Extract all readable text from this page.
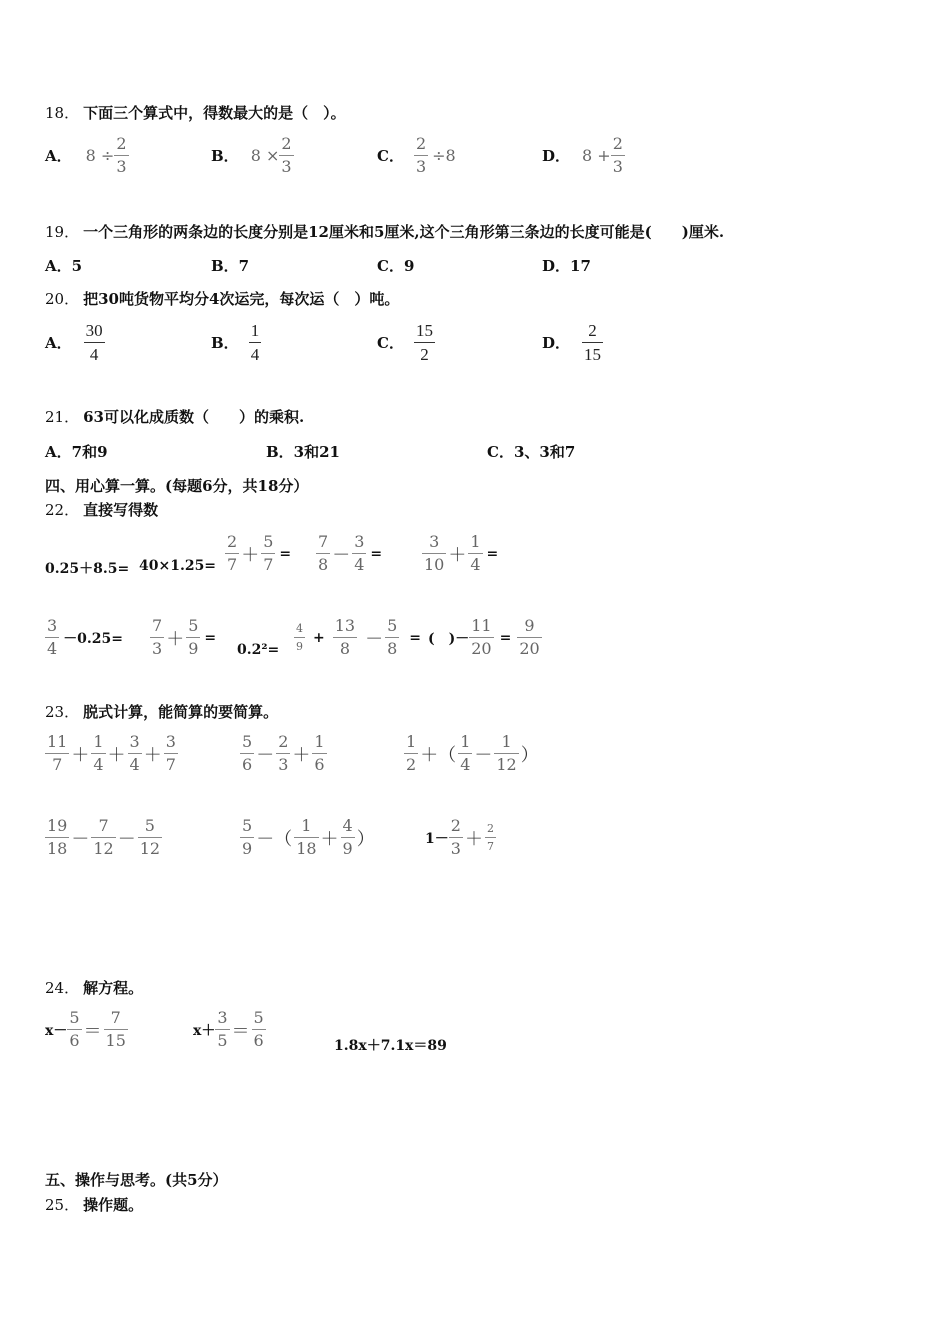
18． 下面三个算式中，得数最大的是（　）。
A． $8 \div \frac{2}{3}$	B． $8 \times \frac{2}{3}$	C． $\frac{2}{3} \div 8$	D． $8 + \frac{2}{3}$
19． 一个三角形的两条边的长度分别是12厘米和5厘米,这个三角形第三条边的长度可能是(　　)厘米.
A．5	B．7	C．9	D．17
20． 把30吨货物平均分4次运完，每次运（　）吨。
A． $\frac{30}{4}$	B． $\frac{1}{4}$	C． $\frac{15}{2}$	D． $\frac{2}{15}$
21． 63可以化成质数（　　）的乘积.
A．7和9	B．3和21	C．3、3和7
四、用心算一算。(每题6分，共18分）
22． 直接写得数
$0.25+8.5= 40\times 1.25= \frac{2}{7} + \frac{5}{7} = \frac{7}{8} - \frac{3}{4} = \frac{3}{10} + \frac{1}{4}$ =
$\frac{3}{4} -0.25= \frac{7}{3} + \frac{5}{9}$ =
$0.2^2= \frac{4}{9} + \frac{13}{8} - \frac{5}{8}$ = (　)－ $\frac{11}{20} = \frac{9}{20}$
23． 脱式计算，能简算的要简算。
$\frac{11}{7} + \frac{1}{4} + \frac{3}{4} + \frac{3}{7}$	$\frac{5}{6} - \frac{2}{3} + \frac{1}{6}$	$\frac{1}{2}$ ＋（ $\frac{1}{4} - \frac{1}{12}$ ）
$\frac{19}{18} - \frac{7}{12} - \frac{5}{12}$	$\frac{5}{9}$ －（ $\frac{1}{18} + \frac{4}{9}$ ）	$1- \frac{2}{3} + \frac{2}{7}$
24． 解方程。
$x- \frac{5}{6} = \frac{7}{15}$	$x+ \frac{3}{5} = \frac{5}{6}$	1.8x＋7.1x＝89
五、操作与思考。(共5分）
25． 操作题。
